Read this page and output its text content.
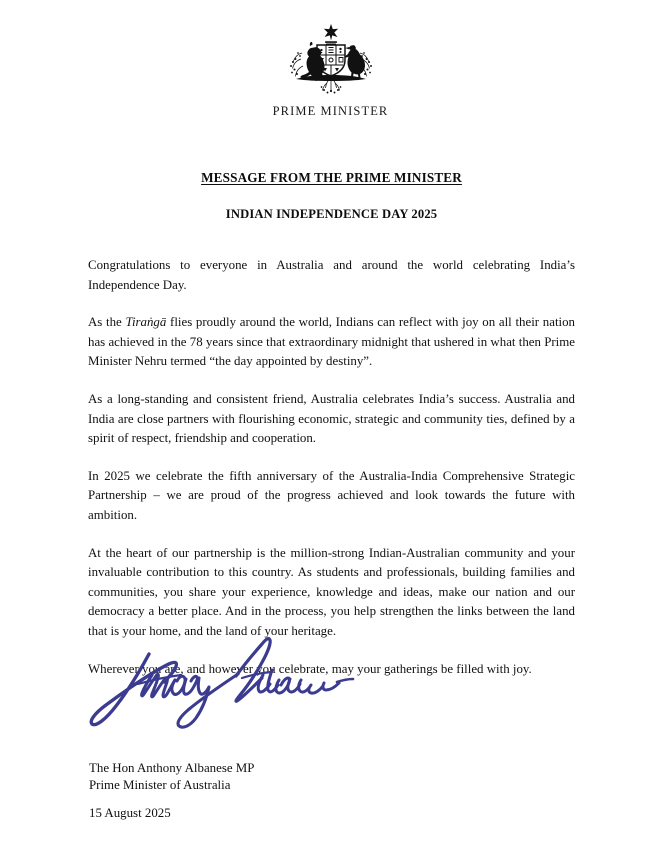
PRIME MINISTER
MESSAGE FROM THE PRIME MINISTER
INDIAN INDEPENDENCE DAY 2025

Congratulations to everyone in Australia and around the world celebrating India’s Independence Day.

As the Tiraṅgā flies proudly around the world, Indians can reflect with joy on all their nation has achieved in the 78 years since that extraordinary midnight that ushered in what then Prime Minister Nehru termed “the day appointed by destiny”.

As a long-standing and consistent friend, Australia celebrates India’s success. Australia and India are close partners with flourishing economic, strategic and community ties, defined by a spirit of respect, friendship and cooperation.

In 2025 we celebrate the fifth anniversary of the Australia-India Comprehensive Strategic Partnership – we are proud of the progress achieved and look towards the future with ambition.

At the heart of our partnership is the million-strong Indian-Australian community and your invaluable contribution to this country. As students and professionals, building families and communities, you share your experience, knowledge and ideas, make our nation and our democracy a better place. And in the process, you help strengthen the links between the land that is your home, and the land of your heritage.

Wherever you are, and however you celebrate, may your gatherings be filled with joy.

The Hon Anthony Albanese MP
Prime Minister of Australia
15 August 2025
